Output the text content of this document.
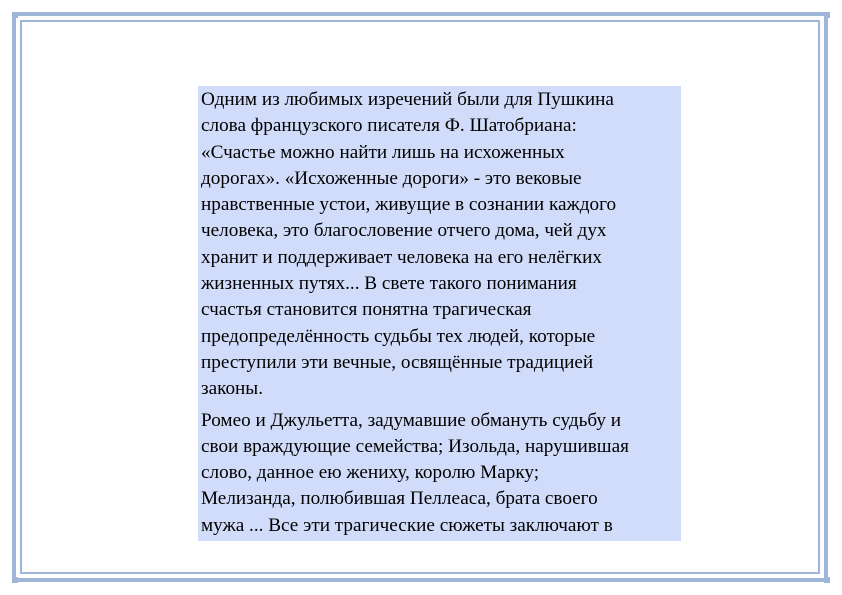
Одним из любимых изречений были для Пушкина
слова французского писателя Ф. Шатобриана:
«Счастье можно найти лишь на исхоженных
дорогах». «Исхоженные дороги» - это вековые
нравственные устои, живущие в сознании каждого
человека, это благословение отчего дома, чей дух
хранит и поддерживает человека на его нелёгких
жизненных путях... В свете такого понимания
счастья становится понятна трагическая
предопределённость судьбы тех людей, которые
преступили эти вечные, освящённые традицией
законы.

Ромео и Джульетта, задумавшие обмануть судьбу и
свои враждующие семейства; Изольда, нарушившая
слово, данное ею жениху, королю Марку;
Мелизанда, полюбившая Пеллеаса, брата своего
мужа ... Все эти трагические сюжеты заключают в
